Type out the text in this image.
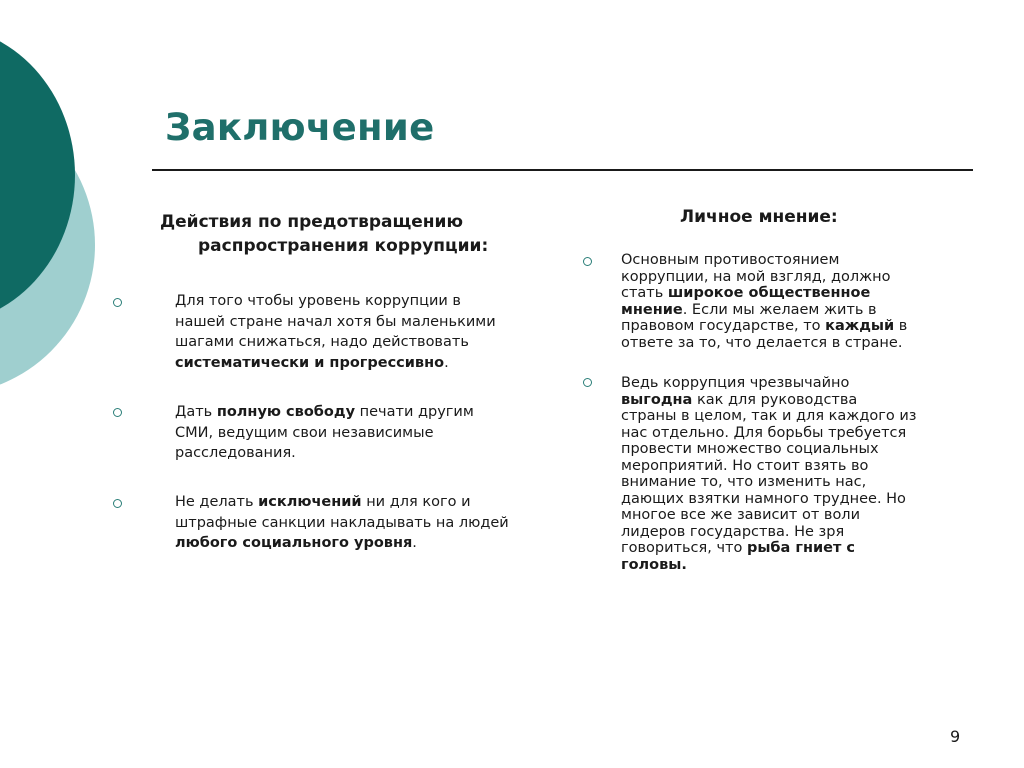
Заключение

Действия по предотвращению

распространения коррупции:

Для того чтобы уровень коррупции в
нашей стране начал хотя бы маленькими
шагами снижаться, надо действовать
систематически и прогрессивно.
Дать полную свободу печати другим
СМИ, ведущим свои независимые
расследования.
Не делать исключений ни для кого и
штрафные санкции накладывать на людей
любого социального уровня.

Личное мнение:

Основным противостоянием
коррупции, на мой взгляд, должно
стать широкое общественное
мнение. Если мы желаем жить в
правовом государстве, то каждый в
ответе за то, что делается в стране.
Ведь коррупция чрезвычайно
выгодна как для руководства
страны в целом, так и для каждого из
нас отдельно. Для борьбы требуется
провести множество социальных
мероприятий. Но стоит взять во
внимание то, что изменить нас,
дающих взятки намного труднее. Но
многое все же зависит от воли
лидеров государства. Не зря
говориться, что рыба гниет с
головы.
9
